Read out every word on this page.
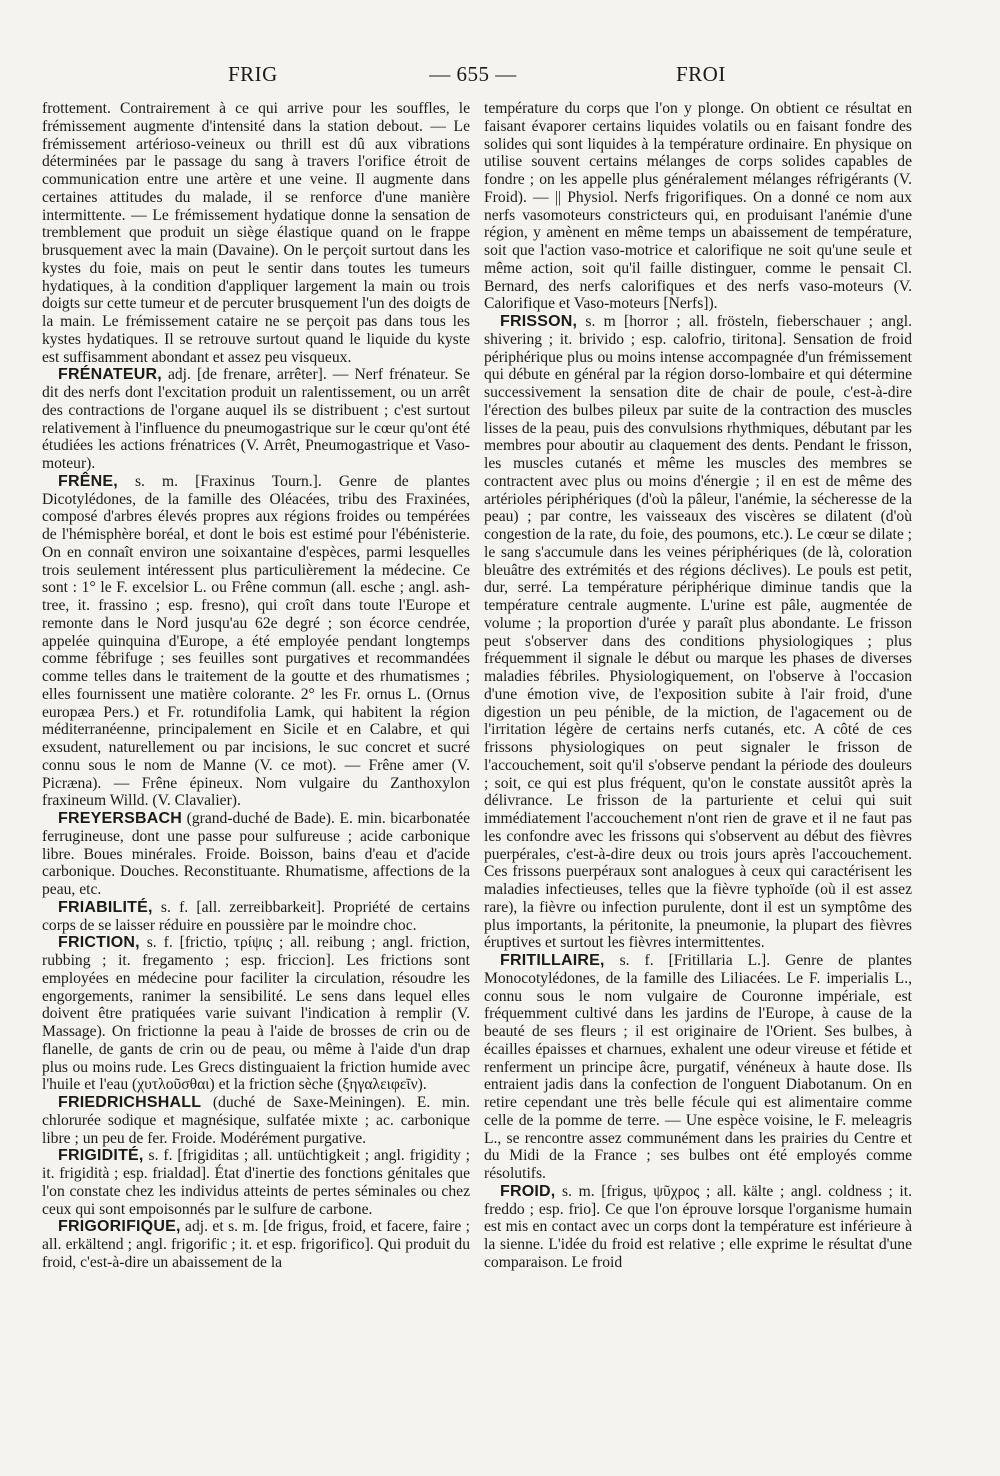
FRIG	— 655 —	FROI

frottement. Contrairement à ce qui arrive pour les souffles, le frémissement augmente d'intensité dans la station debout. — Le frémissement artérioso-veineux ou thrill est dû aux vibrations déterminées par le passage du sang à travers l'orifice étroit de communication entre une artère et une veine. Il augmente dans certaines attitudes du malade, il se renforce d'une manière intermittente. — Le frémissement hydatique donne la sensation de tremblement que produit un siège élastique quand on le frappe brusquement avec la main (Davaine). On le perçoit surtout dans les kystes du foie, mais on peut le sentir dans toutes les tumeurs hydatiques, à la condition d'appliquer largement la main ou trois doigts sur cette tumeur et de percuter brusquement l'un des doigts de la main. Le frémissement cataire ne se perçoit pas dans tous les kystes hydatiques. Il se retrouve surtout quand le liquide du kyste est suffisamment abondant et assez peu visqueux.

FRÉNATEUR, adj. [de frenare, arrêter]. — Nerf frénateur. Se dit des nerfs dont l'excitation produit un ralentissement, ou un arrêt des contractions de l'organe auquel ils se distribuent ; c'est surtout relativement à l'influence du pneumogastrique sur le cœur qu'ont été étudiées les actions frénatrices (V. Arrêt, Pneumogastrique et Vaso-moteur).

FRÊNE, s. m. [Fraxinus Tourn.]. Genre de plantes Dicotylédones, de la famille des Oléacées, tribu des Fraxinées, composé d'arbres élevés propres aux régions froides ou tempérées de l'hémisphère boréal, et dont le bois est estimé pour l'ébénisterie. On en connaît environ une soixantaine d'espèces, parmi lesquelles trois seulement intéressent plus particulièrement la médecine. Ce sont : 1° le F. excelsior L. ou Frêne commun (all. esche ; angl. ash-tree, it. frassino ; esp. fresno), qui croît dans toute l'Europe et remonte dans le Nord jusqu'au 62e degré ; son écorce cendrée, appelée quinquina d'Europe, a été employée pendant longtemps comme fébrifuge ; ses feuilles sont purgatives et recommandées comme telles dans le traitement de la goutte et des rhumatismes ; elles fournissent une matière colorante. 2° les Fr. ornus L. (Ornus europæa Pers.) et Fr. rotundifolia Lamk, qui habitent la région méditerranéenne, principalement en Sicile et en Calabre, et qui exsudent, naturellement ou par incisions, le suc concret et sucré connu sous le nom de Manne (V. ce mot). — Frêne amer (V. Picræna). — Frêne épineux. Nom vulgaire du Zanthoxylon fraxineum Willd. (V. Clavalier).

FREYERSBACH (grand-duché de Bade). E. min. bicarbonatée ferrugineuse, dont une passe pour sulfureuse ; acide carbonique libre. Boues minérales. Froide. Boisson, bains d'eau et d'acide carbonique. Douches. Reconstituante. Rhumatisme, affections de la peau, etc.

FRIABILITÉ, s. f. [all. zerreibbarkeit]. Propriété de certains corps de se laisser réduire en poussière par le moindre choc.

FRICTION, s. f. [frictio, τρίψις ; all. reibung ; angl. friction, rubbing ; it. fregamento ; esp. friccion]. Les frictions sont employées en médecine pour faciliter la circulation, résoudre les engorgements, ranimer la sensibilité. Le sens dans lequel elles doivent être pratiquées varie suivant l'indication à remplir (V. Massage). On frictionne la peau à l'aide de brosses de crin ou de flanelle, de gants de crin ou de peau, ou même à l'aide d'un drap plus ou moins rude. Les Grecs distinguaient la friction humide avec l'huile et l'eau (χυτλοῦσθαι) et la friction sèche (ξηγαλειφεῖν).

FRIEDRICHSHALL (duché de Saxe-Meiningen). E. min. chlorurée sodique et magnésique, sulfatée mixte ; ac. carbonique libre ; un peu de fer. Froide. Modérément purgative.

FRIGIDITÉ, s. f. [frigiditas ; all. untüchtigkeit ; angl. frigidity ; it. frigidità ; esp. frialdad]. État d'inertie des fonctions génitales que l'on constate chez les individus atteints de pertes séminales ou chez ceux qui sont empoisonnés par le sulfure de carbone.

FRIGORIFIQUE, adj. et s. m. [de frigus, froid, et facere, faire ; all. erkältend ; angl. frigorific ; it. et esp. frigorifico]. Qui produit du froid, c'est-à-dire un abaissement de la

température du corps que l'on y plonge. On obtient ce résultat en faisant évaporer certains liquides volatils ou en faisant fondre des solides qui sont liquides à la température ordinaire. En physique on utilise souvent certains mélanges de corps solides capables de fondre ; on les appelle plus généralement mélanges réfrigérants (V. Froid). — || Physiol. Nerfs frigorifiques. On a donné ce nom aux nerfs vasomoteurs constricteurs qui, en produisant l'anémie d'une région, y amènent en même temps un abaissement de température, soit que l'action vaso-motrice et calorifique ne soit qu'une seule et même action, soit qu'il faille distinguer, comme le pensait Cl. Bernard, des nerfs calorifiques et des nerfs vaso-moteurs (V. Calorifique et Vaso-moteurs [Nerfs]).

FRISSON, s. m [horror ; all. frösteln, fieberschauer ; angl. shivering ; it. brivido ; esp. calofrio, tiritona]. Sensation de froid périphérique plus ou moins intense accompagnée d'un frémissement qui débute en général par la région dorso-lombaire et qui détermine successivement la sensation dite de chair de poule, c'est-à-dire l'érection des bulbes pileux par suite de la contraction des muscles lisses de la peau, puis des convulsions rhythmiques, débutant par les membres pour aboutir au claquement des dents. Pendant le frisson, les muscles cutanés et même les muscles des membres se contractent avec plus ou moins d'énergie ; il en est de même des artérioles périphériques (d'où la pâleur, l'anémie, la sécheresse de la peau) ; par contre, les vaisseaux des viscères se dilatent (d'où congestion de la rate, du foie, des poumons, etc.). Le cœur se dilate ; le sang s'accumule dans les veines périphériques (de là, coloration bleuâtre des extrémités et des régions déclives). Le pouls est petit, dur, serré. La température périphérique diminue tandis que la température centrale augmente. L'urine est pâle, augmentée de volume ; la proportion d'urée y paraît plus abondante. Le frisson peut s'observer dans des conditions physiologiques ; plus fréquemment il signale le début ou marque les phases de diverses maladies fébriles. Physiologiquement, on l'observe à l'occasion d'une émotion vive, de l'exposition subite à l'air froid, d'une digestion un peu pénible, de la miction, de l'agacement ou de l'irritation légère de certains nerfs cutanés, etc. A côté de ces frissons physiologiques on peut signaler le frisson de l'accouchement, soit qu'il s'observe pendant la période des douleurs ; soit, ce qui est plus fréquent, qu'on le constate aussitôt après la délivrance. Le frisson de la parturiente et celui qui suit immédiatement l'accouchement n'ont rien de grave et il ne faut pas les confondre avec les frissons qui s'observent au début des fièvres puerpérales, c'est-à-dire deux ou trois jours après l'accouchement. Ces frissons puerpéraux sont analogues à ceux qui caractérisent les maladies infectieuses, telles que la fièvre typhoïde (où il est assez rare), la fièvre ou infection purulente, dont il est un symptôme des plus importants, la péritonite, la pneumonie, la plupart des fièvres éruptives et surtout les fièvres intermittentes.

FRITILLAIRE, s. f. [Fritillaria L.]. Genre de plantes Monocotylédones, de la famille des Liliacées. Le F. imperialis L., connu sous le nom vulgaire de Couronne impériale, est fréquemment cultivé dans les jardins de l'Europe, à cause de la beauté de ses fleurs ; il est originaire de l'Orient. Ses bulbes, à écailles épaisses et charnues, exhalent une odeur vireuse et fétide et renferment un principe âcre, purgatif, vénéneux à haute dose. Ils entraient jadis dans la confection de l'onguent Diabotanum. On en retire cependant une très belle fécule qui est alimentaire comme celle de la pomme de terre. — Une espèce voisine, le F. meleagris L., se rencontre assez communément dans les prairies du Centre et du Midi de la France ; ses bulbes ont été employés comme résolutifs.

FROID, s. m. [frigus, ψῦχρος ; all. kälte ; angl. coldness ; it. freddo ; esp. frio]. Ce que l'on éprouve lorsque l'organisme humain est mis en contact avec un corps dont la température est inférieure à la sienne. L'idée du froid est relative ; elle exprime le résultat d'une comparaison. Le froid
